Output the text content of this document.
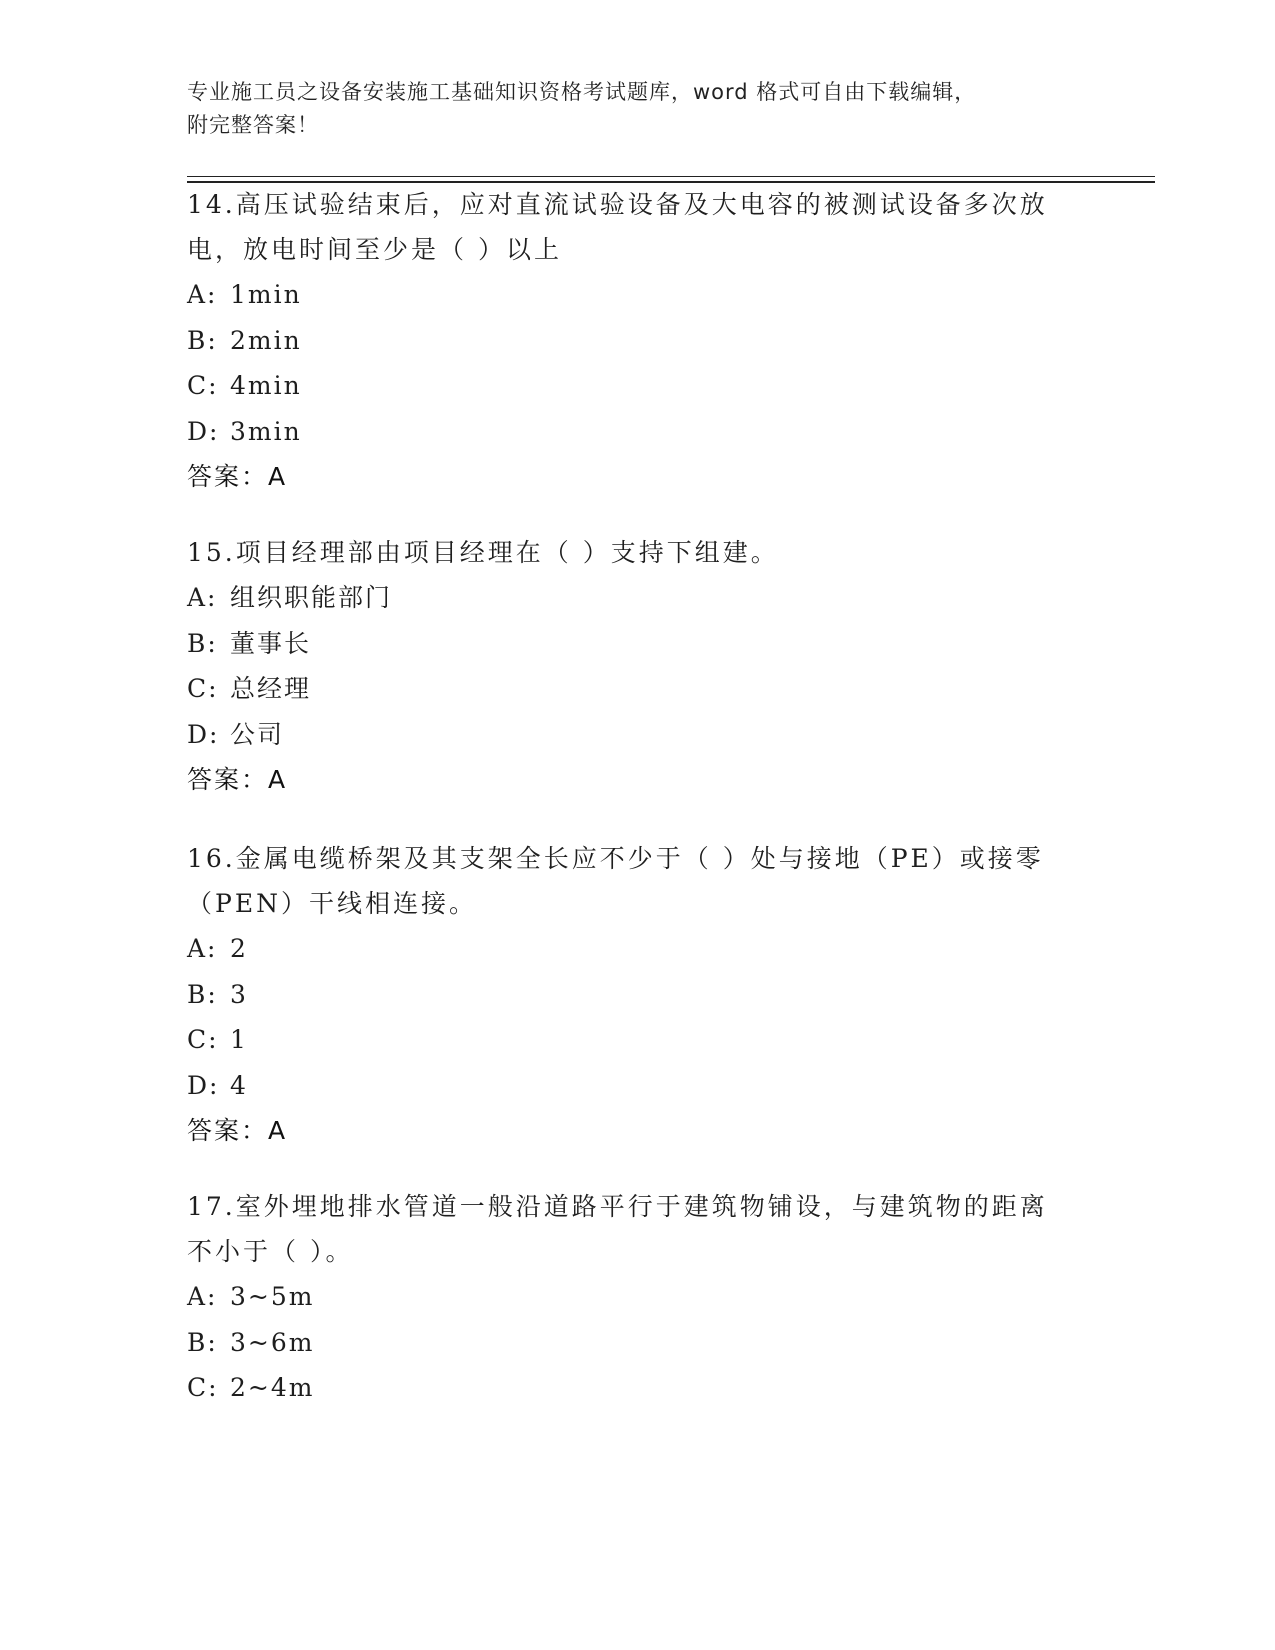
专业施工员之设备安装施工基础知识资格考试题库，word 格式可自由下载编辑，
附完整答案！
14.高压试验结束后，应对直流试验设备及大电容的被测试设备多次放
电，放电时间至少是（ ）以上
A: 1min
B: 2min
C: 4min
D: 3min
答案：A
15.项目经理部由项目经理在（ ）支持下组建。
A: 组织职能部门
B: 董事长
C: 总经理
D: 公司
答案：A
16.金属电缆桥架及其支架全长应不少于（ ）处与接地（PE）或接零
（PEN）干线相连接。
A: 2
B: 3
C: 1
D: 4
答案：A
17.室外埋地排水管道一般沿道路平行于建筑物铺设，与建筑物的距离
不小于（ ）。
A: 3~5m
B: 3~6m
C: 2~4m
